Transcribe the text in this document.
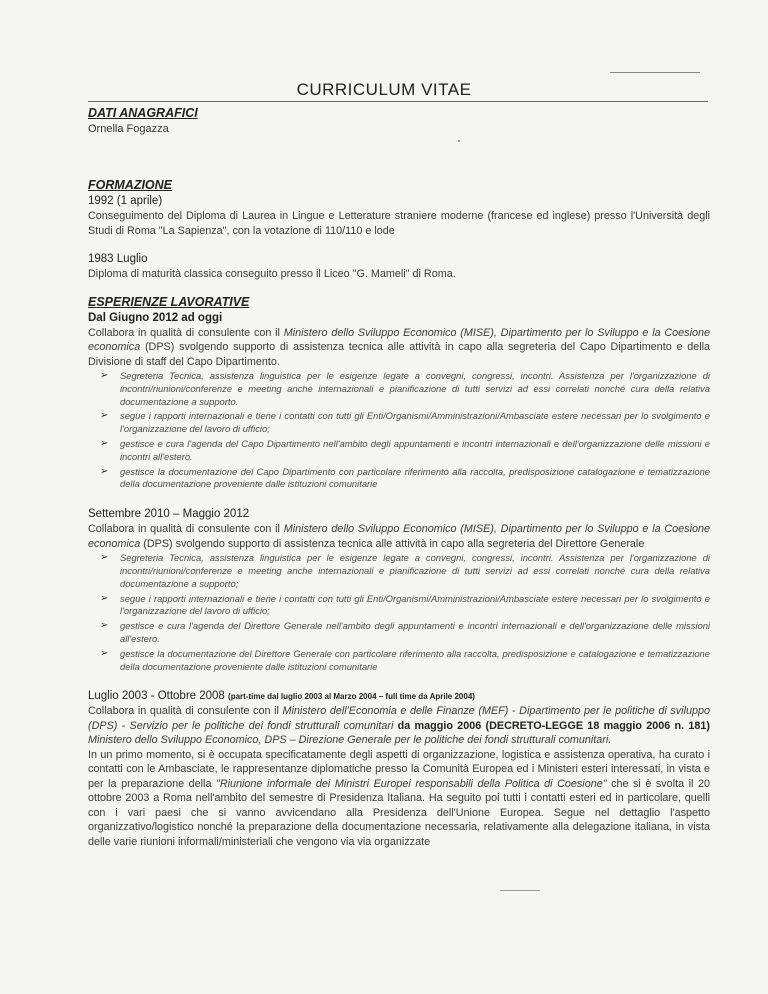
CURRICULUM VITAE
DATI ANAGRAFICI
Ornella Fogazza
FORMAZIONE
1992 (1 aprile)
Conseguimento del Diploma di Laurea in Lingue e Letterature straniere moderne (francese ed inglese) presso l'Università degli Studi di Roma "La Sapienza", con la votazione di 110/110 e lode
1983 Luglio
Diploma di maturità classica conseguito presso il Liceo "G. Mameli" di Roma.
ESPERIENZE LAVORATIVE
Dal Giugno 2012 ad oggi
Collabora in qualità di consulente con il Ministero dello Sviluppo Economico (MISE), Dipartimento per lo Sviluppo e la Coesione economica (DPS) svolgendo supporto di assistenza tecnica alle attività in capo alla segreteria del Capo Dipartimento e della Divisione di staff del Capo Dipartimento.
➢ Segreteria Tecnica, assistenza linguistica per le esigenze legate a convegni, congressi, incontri. Assistenza per l'organizzazione di incontri/riunioni/conferenze e meeting anche internazionali e pianificazione di tutti servizi ad essi correlati nonché cura della relativa documentazione a supporto.
➢ segue i rapporti internazionali e tiene i contatti con tutti gli Enti/Organismi/Amministrazioni/Ambasciate estere necessari per lo svolgimento e l'organizzazione del lavoro di ufficio;
➢ gestisce e cura l'agenda del Capo Dipartimento nell'ambito degli appuntamenti e incontri internazionali e dell'organizzazione delle missioni e incontri all'estero.
➢ gestisce la documentazione del Capo Dipartimento con particolare riferimento alla raccolta, predisposizione catalogazione e tematizzazione della documentazione proveniente dalle istituzioni comunitarie
Settembre 2010 – Maggio 2012
Collabora in qualità di consulente con il Ministero dello Sviluppo Economico (MISE), Dipartimento per lo Sviluppo e la Coesione economica (DPS) svolgendo supporto di assistenza tecnica alle attività in capo alla segreteria del Direttore Generale
➢ Segreteria Tecnica, assistenza linguistica per le esigenze legate a convegni, congressi, incontri. Assistenza per l'organizzazione di incontri/riunioni/conferenze e meeting anche internazionali e pianificazione di tutti servizi ad essi correlati nonché cura della relativa documentazione a supporto;
➢ segue i rapporti internazionali e tiene i contatti con tutti gli Enti/Organismi/Amministrazioni/Ambasciate estere necessari per lo svolgimento e l'organizzazione del lavoro di ufficio;
➢ gestisce e cura l'agenda del Direttore Generale nell'ambito degli appuntamenti e incontri internazionali e dell'organizzazione delle missioni all'estero.
➢ gestisce la documentazione del Direttore Generale con particolare riferimento alla raccolta, predisposizione e catalogazione e tematizzazione della documentazione proveniente dalle istituzioni comunitarie
Luglio 2003 - Ottobre 2008 (part-time dal luglio 2003 al Marzo 2004 – full time da Aprile 2004)
Collabora in qualità di consulente con il Ministero dell'Economia e delle Finanze (MEF) - Dipartimento per le politiche di sviluppo (DPS) - Servizio per le politiche dei fondi strutturali comunitari da maggio 2006 (DECRETO-LEGGE 18 maggio 2006 n. 181) Ministero dello Sviluppo Economico, DPS – Direzione Generale per le politiche dei fondi strutturali comunitari.
In un primo momento, si è occupata specificatamente degli aspetti di organizzazione, logistica e assistenza operativa, ha curato i contatti con le Ambasciate, le rappresentanze diplomatiche presso la Comunità Europea ed i Ministeri esteri interessati, in vista e per la preparazione della "Riunione informale dei Ministri Europei responsabili della Politica di Coesione" che si è svolta il 20 ottobre 2003 a Roma nell'ambito del semestre di Presidenza Italiana. Ha seguito poi tutti i contatti esteri ed in particolare, quelli con i vari paesi che si vanno avvicendano alla Presidenza dell'Unione Europea. Segue nel dettaglio l'aspetto organizzativo/logistico nonché la preparazione della documentazione necessaria, relativamente alla delegazione italiana, in vista delle varie riunioni informali/ministeriali che vengono via via organizzate
